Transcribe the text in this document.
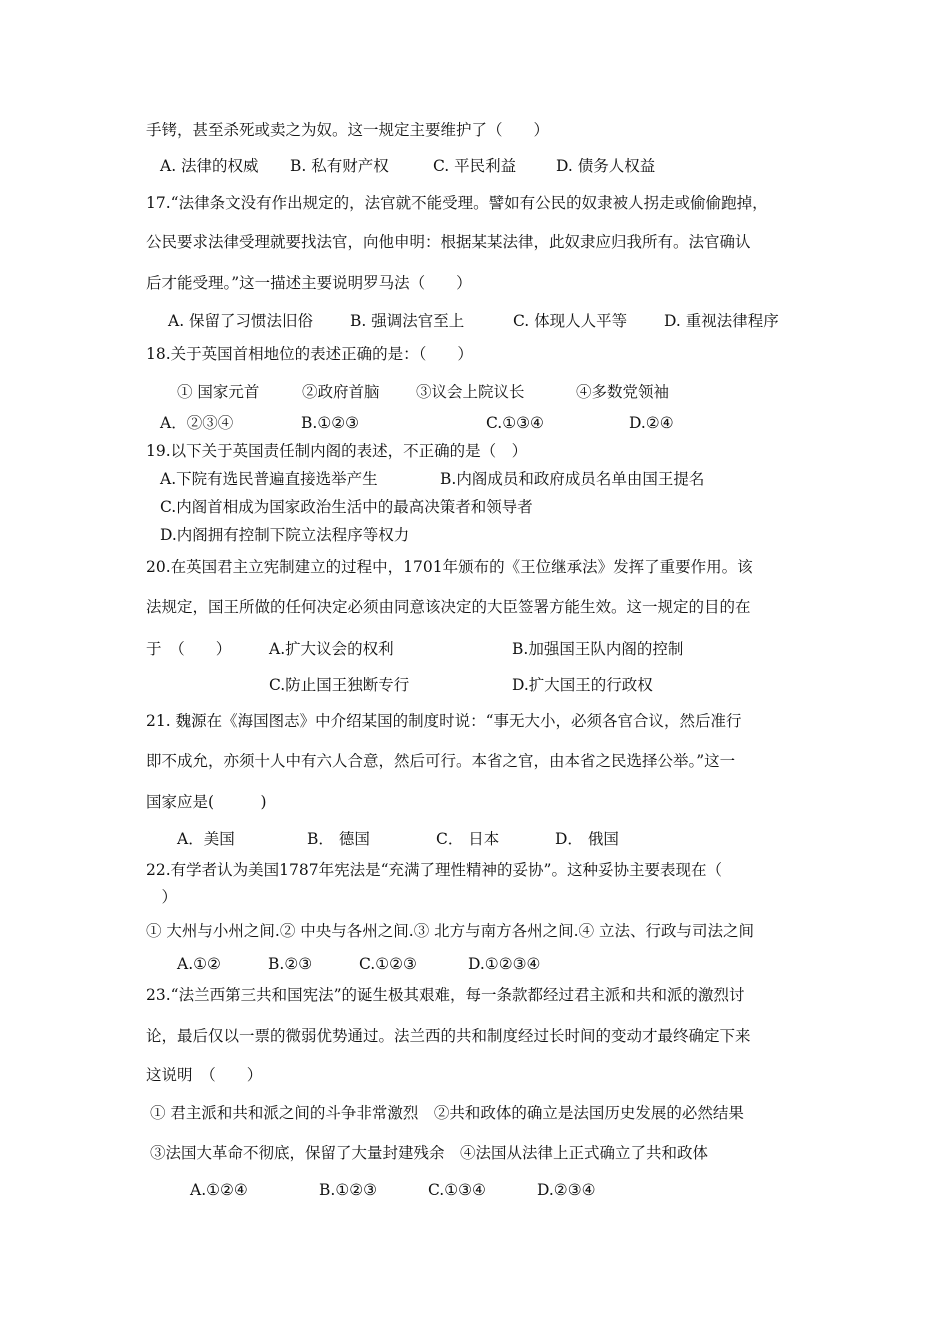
手铐，甚至杀死或卖之为奴。这一规定主要维护了（　　）
A. 法律的权威 B. 私有财产权	C. 平民利益	D. 债务人权益
17.“法律条文没有作出规定的，法官就不能受理。譬如有公民的奴隶被人拐走或偷偷跑掉，
公民要求法律受理就要找法官，向他申明：根据某某法律，此奴隶应归我所有。法官确认
后才能受理。”这一描述主要说明罗马法（　　）
A. 保留了习惯法旧俗 B. 强调法官至上	C. 体现人人平等 D. 重视法律程序
18.关于英国首相地位的表述正确的是：（　　）
① 国家元首	②政府首脑 ③议会上院议长	④多数党领袖
A．②③④	B.①②③	C.①③④	D.②④
19.以下关于英国责任制内阁的表述，不正确的是（　）
A.下院有选民普遍直接选举产生	B.内阁成员和政府成员名单由国王提名
C.内阁首相成为国家政治生活中的最高决策者和领导者
D.内阁拥有控制下院立法程序等权力
20.在英国君主立宪制建立的过程中，1701年颁布的《王位继承法》发挥了重要作用。该
法规定，国王所做的任何决定必须由同意该决定的大臣签署方能生效。这一规定的目的在
于　（　　） A.扩大议会的权利	B.加强国王队内阁的控制
C.防止国王独断专行	D.扩大国王的行政权
21. 魏源在《海国图志》中介绍某国的制度时说：“事无大小，必须各官合议，然后准行
即不成允，亦须十人中有六人合意，然后可行。本省之官，由本省之民选择公举。”这一
国家应是(　　　)
A．美国	B． 德国	C． 日本	D． 俄国
22.有学者认为美国1787年宪法是“充满了理性精神的妥协”。这种妥协主要表现在（
　）
① 大州与小州之间.② 中央与各州之间.③ 北方与南方各州之间.④ 立法、行政与司法之间
A.①②	B.②③	C.①②③	D.①②③④
23.“法兰西第三共和国宪法”的诞生极其艰难，每一条款都经过君主派和共和派的激烈讨
论，最后仅以一票的微弱优势通过。法兰西的共和制度经过长时间的变动才最终确定下来
这说明　（　　）
① 君主派和共和派之间的斗争非常激烈　②共和政体的确立是法国历史发展的必然结果
③法国大革命不彻底，保留了大量封建残余　④法国从法律上正式确立了共和政体
A.①②④	B.①②③	C.①③④	D.②③④
